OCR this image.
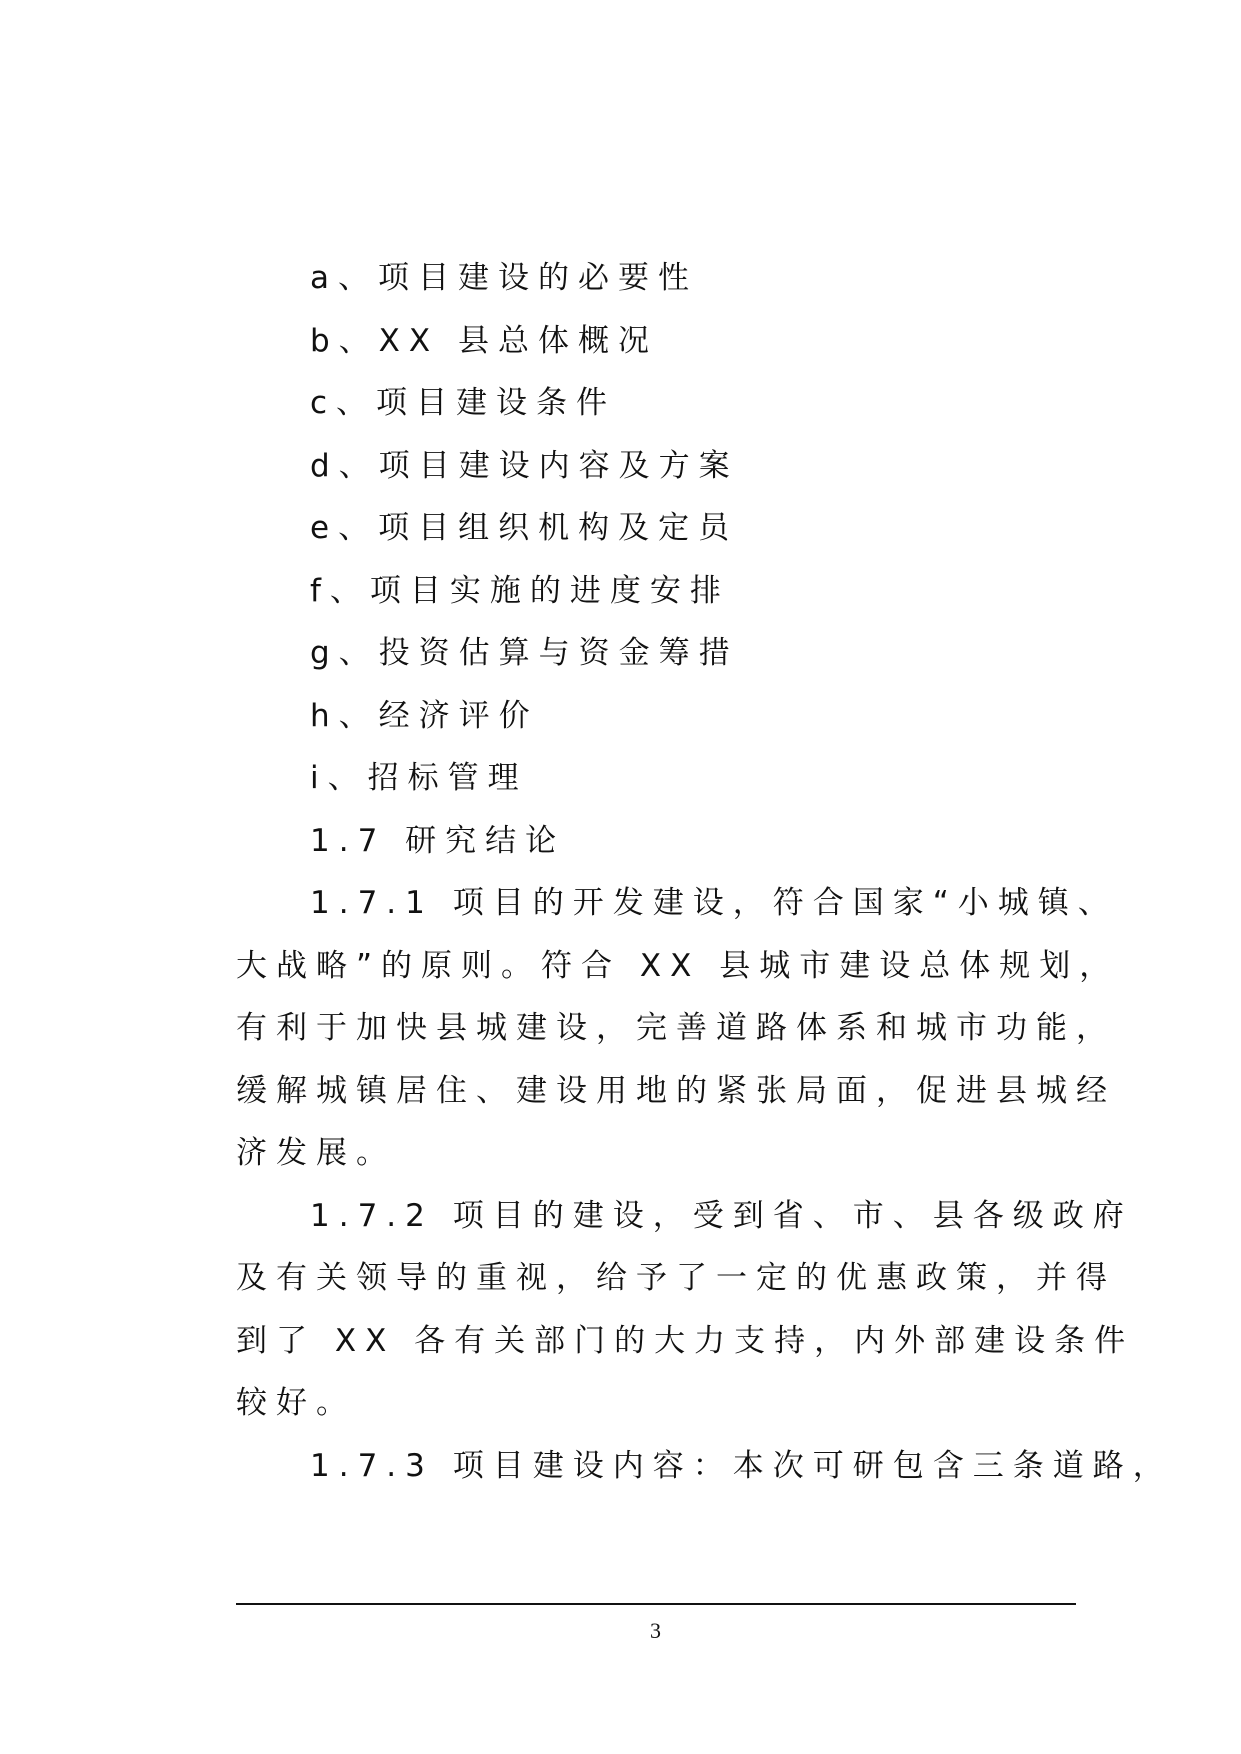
a、项目建设的必要性

b、XX 县总体概况

c、项目建设条件

d、项目建设内容及方案

e、项目组织机构及定员

f、项目实施的进度安排

g、投资估算与资金筹措

h、经济评价

i、招标管理

1.7 研究结论

1.7.1 项目的开发建设，符合国家“小城镇、

大战略”的原则。符合 XX 县城市建设总体规划，

有利于加快县城建设，完善道路体系和城市功能，

缓解城镇居住、建设用地的紧张局面，促进县城经

济发展。

1.7.2 项目的建设，受到省、市、县各级政府

及有关领导的重视，给予了一定的优惠政策，并得

到了 XX 各有关部门的大力支持，内外部建设条件

较好。

1.7.3 项目建设内容：本次可研包含三条道路，

3
